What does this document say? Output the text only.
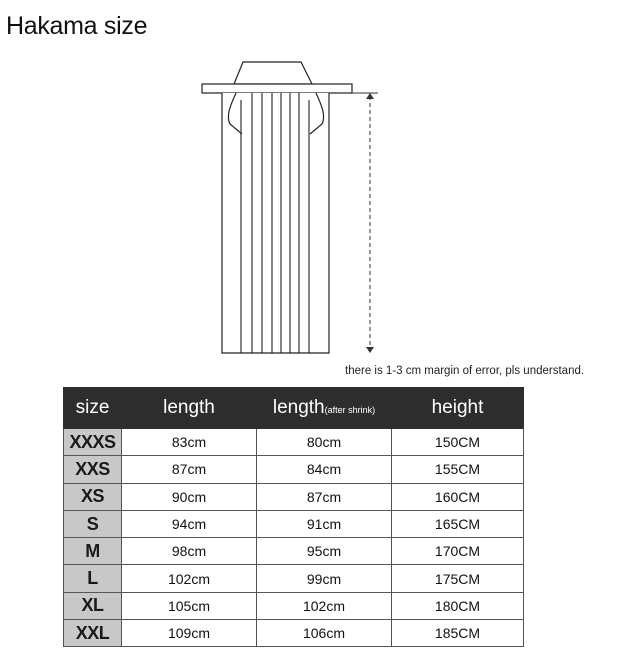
Hakama size
there is 1-3 cm margin of error, pls understand.
size	length	length(after shrink)	height
XXXS	83cm	80cm	150CM
XXS	87cm	84cm	155CM
XS	90cm	87cm	160CM
S	94cm	91cm	165CM
M	98cm	95cm	170CM
L	102cm	99cm	175CM
XL	105cm	102cm	180CM
XXL	109cm	106cm	185CM
